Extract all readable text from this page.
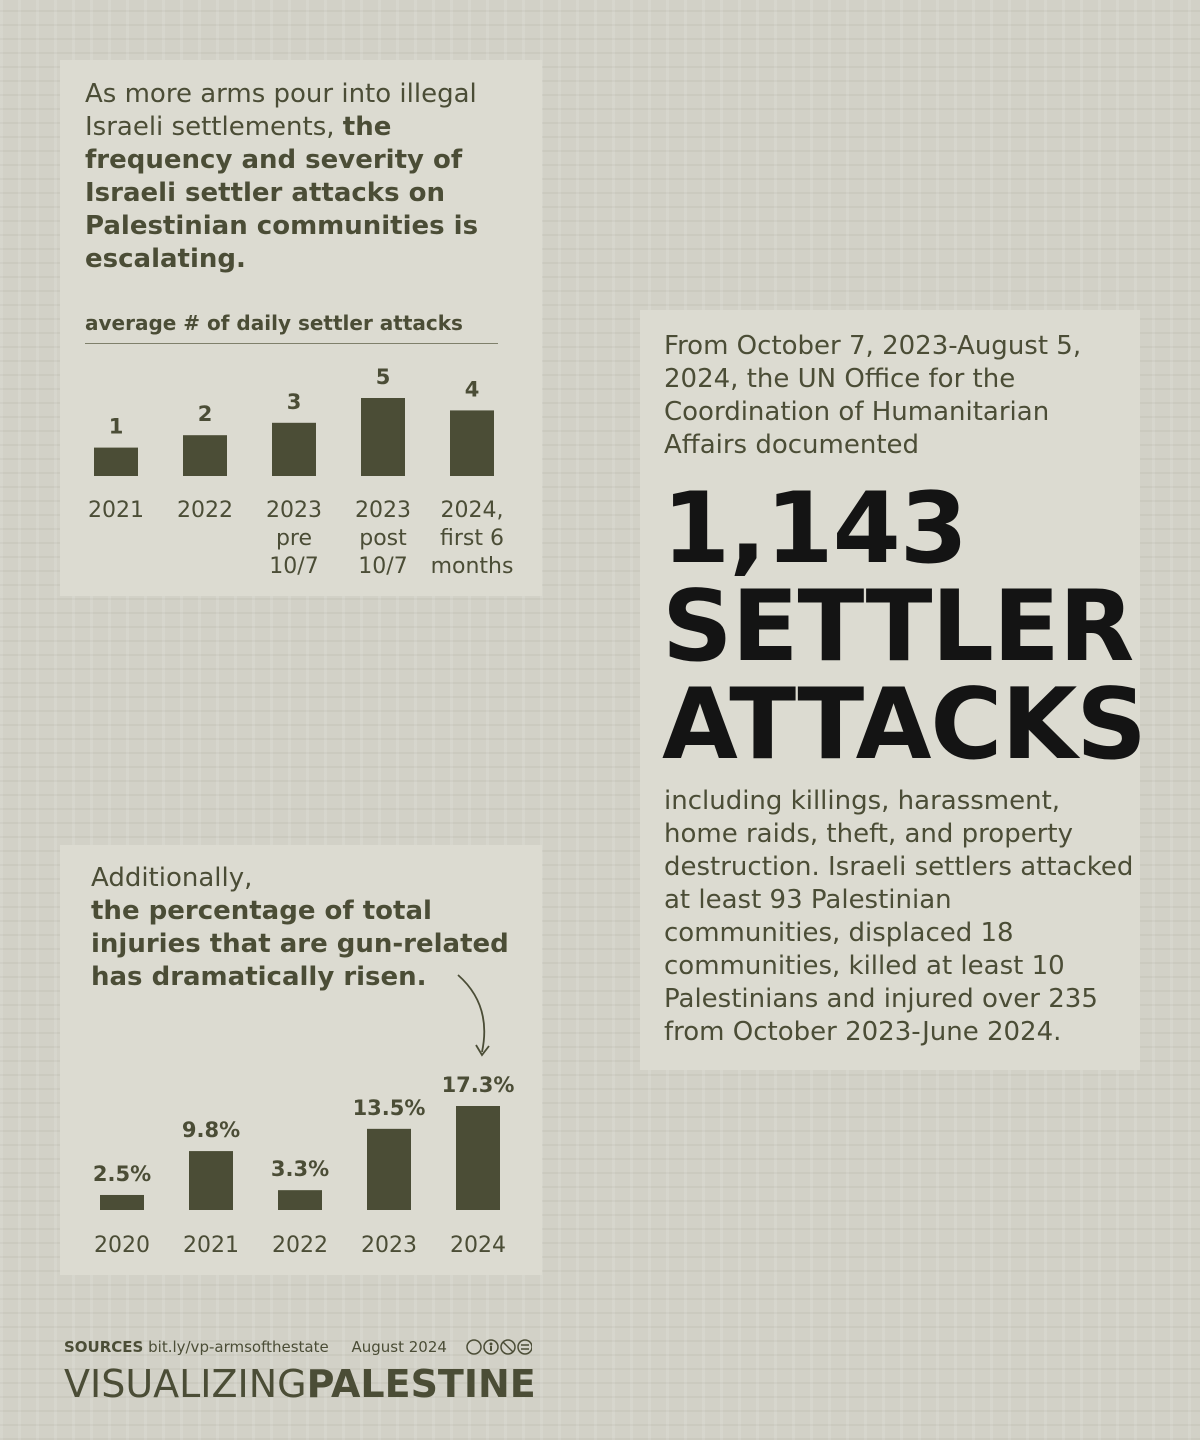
As more arms pour into illegal Israeli settlements, the frequency and severity of Israeli settler attacks on Palestinian communities is escalating.

average # of daily settler attacks
1
2021
2
2022
3
2023
pre
10/7
5
2023
post
10/7
4
2024,
first 6
months

Additionally,
the percentage of total injuries that are gun-related has dramatically risen.

2.5%
2020
9.8%
2021
3.3%
2022
13.5%
2023
17.3%
2024

From October 7, 2023-August 5, 2024, the UN Office for the Coordination of Humanitarian Affairs documented

1,143
SETTLER
ATTACKS

including killings, harassment, home raids, theft, and property destruction. Israeli settlers attacked at least 93 Palestinian communities, displaced 18 communities, killed at least 10 Palestinians and injured over 235 from October 2023-June 2024.

SOURCES bit.ly/vp-armsofthestate August 2024
VISUALIZINGPALESTINE
